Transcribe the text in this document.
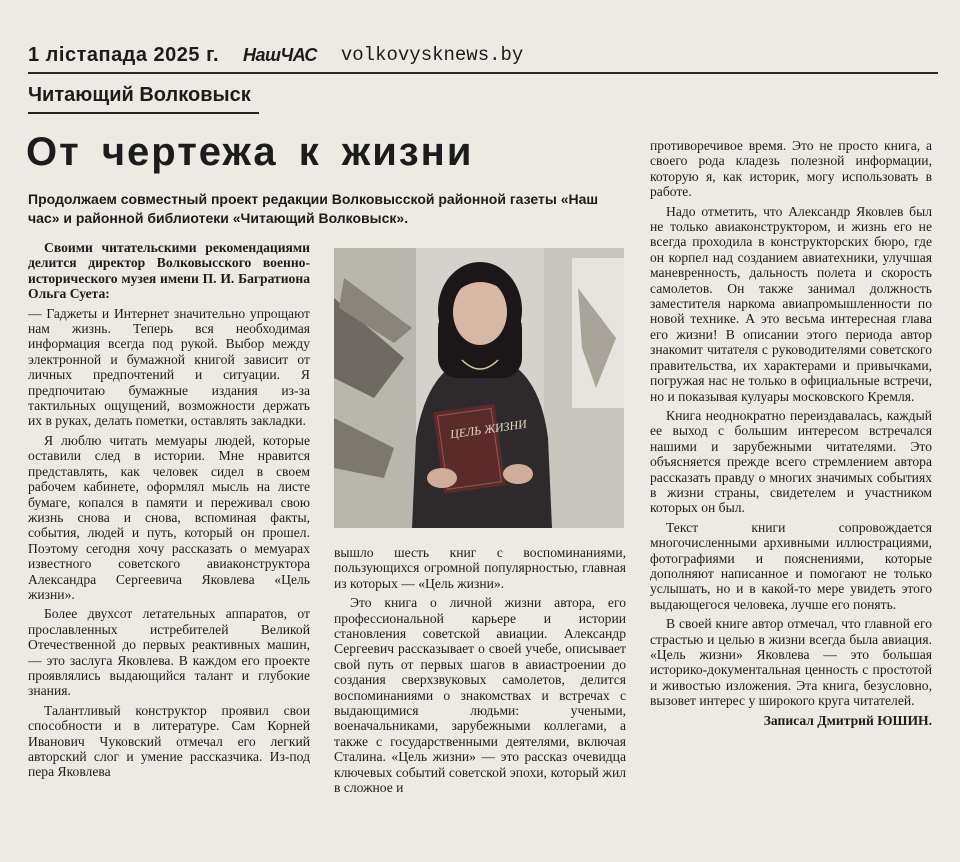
1 лістапада 2025 г. НашЧАС volkovysknews.by
Читающий Волковыск
От чертежа к жизни
Продолжаем совместный проект редакции Волковысской районной газеты «Наш час» и районной библиотеки «Читающий Волковыск».

Своими читательскими рекомендациями делится директор Волковысского военно-исторического музея имени П. И. Багратиона Ольга Суета:

— Гаджеты и Интернет значительно упрощают нам жизнь. Теперь вся необходимая информация всегда под рукой. Выбор между электронной и бумажной книгой зависит от личных предпочтений и ситуации. Я предпочитаю бумажные издания из-за тактильных ощущений, возможности держать их в руках, делать пометки, оставлять закладки.

Я люблю читать мемуары людей, которые оставили след в истории. Мне нравится представлять, как человек сидел в своем рабочем кабинете, оформлял мысль на листе бумаге, копался в памяти и переживал свою жизнь снова и снова, вспоминая факты, события, людей и путь, который он прошел. Поэтому сегодня хочу рассказать о мемуарах известного советского авиаконструктора Александра Сергеевича Яковлева «Цель жизни».

Более двухсот летательных аппаратов, от прославленных истребителей Великой Отечественной до первых реактивных машин, — это заслуга Яковлева. В каждом его проекте проявлялись выдающийся талант и глубокие знания.

Талантливый конструктор проявил свои способности и в литературе. Сам Корней Иванович Чуковский отмечал его легкий авторский слог и умение рассказчика. Из-под пера Яковлева

ЦЕЛЬ ЖИЗНИ

вышло шесть книг с воспоминаниями, пользующихся огромной популярностью, главная из которых — «Цель жизни».

Это книга о личной жизни автора, его профессиональной карьере и истории становления советской авиации. Александр Сергеевич рассказывает о своей учебе, описывает свой путь от первых шагов в авиастроении до создания сверхзвуковых самолетов, делится воспоминаниями о знакомствах и встречах с выдающимися людьми: учеными, военачальниками, зарубежными коллегами, а также с государственными деятелями, включая Сталина. «Цель жизни» — это рассказ очевидца ключевых событий советской эпохи, который жил в сложное и

противоречивое время. Это не просто книга, а своего рода кладезь полезной информации, которую я, как историк, могу использовать в работе.

Надо отметить, что Александр Яковлев был не только авиаконструктором, и жизнь его не всегда проходила в конструкторских бюро, где он корпел над созданием авиатехники, улучшая маневренность, дальность полета и скорость самолетов. Он также занимал должность заместителя наркома авиапромышленности по новой технике. А это весьма интересная глава его жизни! В описании этого периода автор знакомит читателя с руководителями советского правительства, их характерами и привычками, погружая нас не только в официальные встречи, но и показывая кулуары московского Кремля.

Книга неоднократно переиздавалась, каждый ее выход с большим интересом встречался нашими и зарубежными читателями. Это объясняется прежде всего стремлением автора рассказать правду о многих значимых событиях в жизни страны, свидетелем и участником которых он был.

Текст книги сопровождается многочисленными архивными иллюстрациями, фотографиями и пояснениями, которые дополняют написанное и помогают не только услышать, но и в какой-то мере увидеть этого выдающегося человека, лучше его понять.

В своей книге автор отмечал, что главной его страстью и целью в жизни всегда была авиация. «Цель жизни» Яковлева — это большая историко-документальная ценность с простотой и живостью изложения. Эта книга, безусловно, вызовет интерес у широкого круга читателей.

Записал Дмитрий ЮШИН.
